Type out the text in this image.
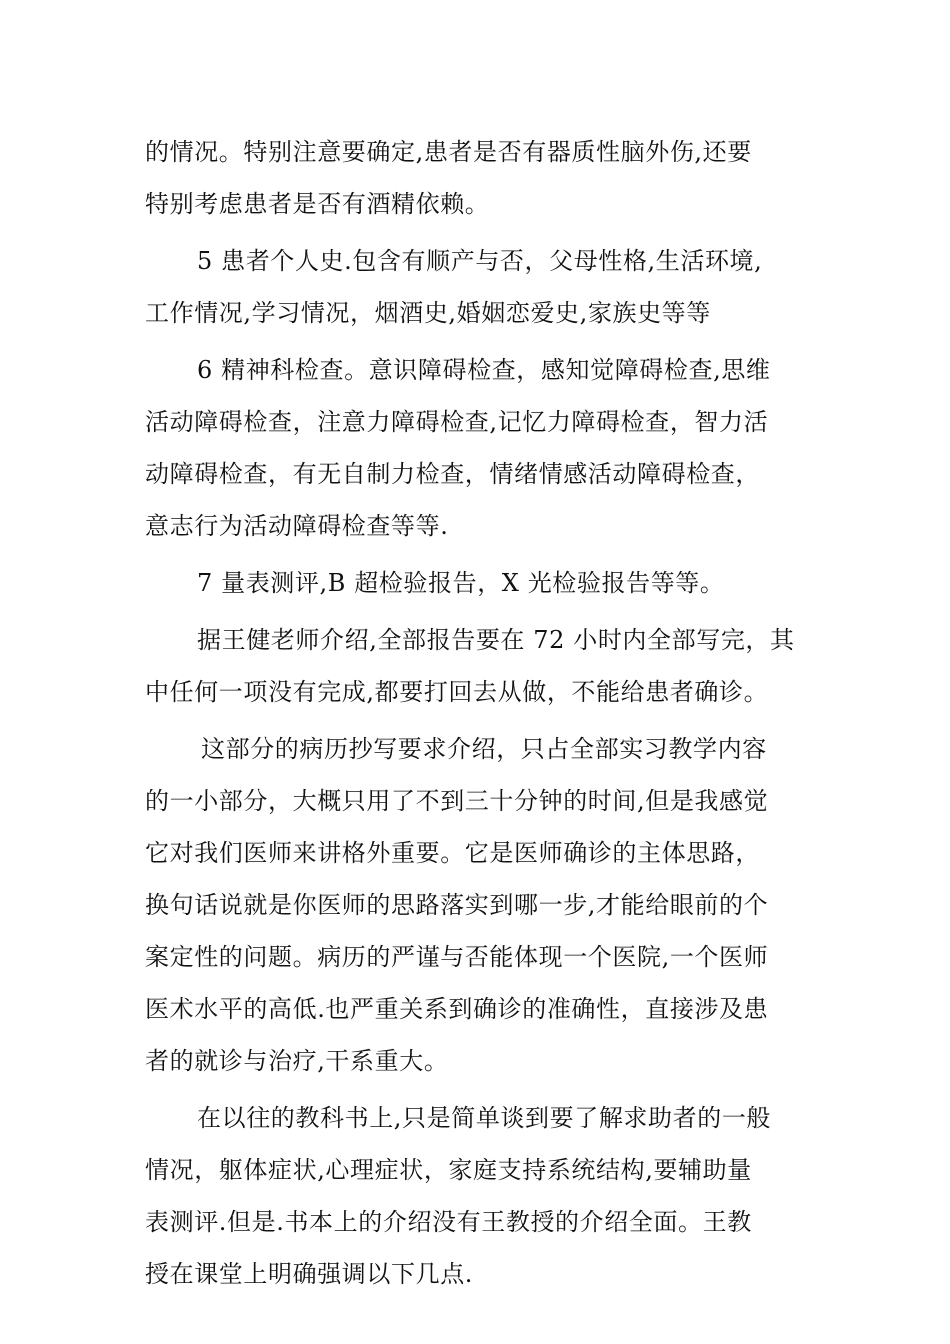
的情况。特别注意要确定,患者是否有器质性脑外伤,还要
特别考虑患者是否有酒精依赖。
5 患者个人史.包含有顺产与否，父母性格,生活环境,
工作情况,学习情况，烟酒史,婚姻恋爱史,家族史等等
6 精神科检查。意识障碍检查，感知觉障碍检查,思维
活动障碍检查，注意力障碍检查,记忆力障碍检查，智力活
动障碍检查，有无自制力检查，情绪情感活动障碍检查，
意志行为活动障碍检查等等.
7 量表测评,B 超检验报告，X 光检验报告等等。
据王健老师介绍,全部报告要在 72 小时内全部写完，其
中任何一项没有完成,都要打回去从做，不能给患者确诊。
这部分的病历抄写要求介绍，只占全部实习教学内容
的一小部分，大概只用了不到三十分钟的时间,但是我感觉
它对我们医师来讲格外重要。它是医师确诊的主体思路，
换句话说就是你医师的思路落实到哪一步,才能给眼前的个
案定性的问题。病历的严谨与否能体现一个医院,一个医师
医术水平的高低.也严重关系到确诊的准确性，直接涉及患
者的就诊与治疗,干系重大。
在以往的教科书上,只是简单谈到要了解求助者的一般
情况，躯体症状,心理症状，家庭支持系统结构,要辅助量
表测评.但是.书本上的介绍没有王教授的介绍全面。王教
授在课堂上明确强调以下几点.
